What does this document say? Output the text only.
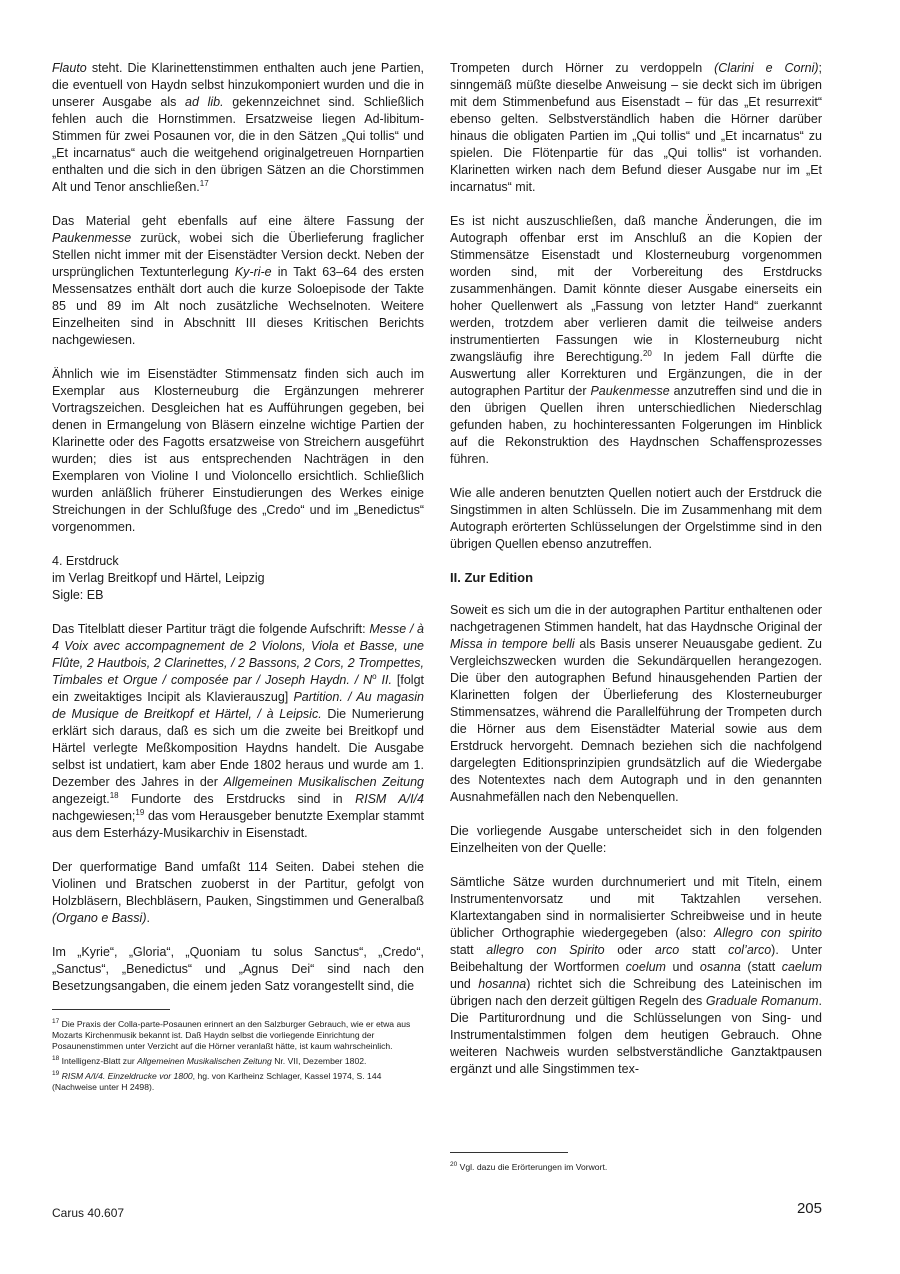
Flauto steht. Die Klarinettenstimmen enthalten auch jene Partien, die eventuell von Haydn selbst hinzukomponiert wurden und die in unserer Ausgabe als ad lib. gekennzeichnet sind. Schließlich fehlen auch die Hornstimmen. Ersatzweise liegen Ad-libitum-Stimmen für zwei Posaunen vor, die in den Sätzen „Qui tollis“ und „Et incarnatus“ auch die weitgehend originalgetreuen Hornpartien enthalten und die sich in den übrigen Sätzen an die Chorstimmen Alt und Tenor anschließen.$^{17}$

Das Material geht ebenfalls auf eine ältere Fassung der Paukenmesse zurück, wobei sich die Überlieferung fraglicher Stellen nicht immer mit der Eisenstädter Version deckt. Neben der ursprünglichen Textunterlegung Ky-ri-e in Takt 63–64 des ersten Messensatzes enthält dort auch die kurze Soloepisode der Takte 85 und 89 im Alt noch zusätzliche Wechselnoten. Weitere Einzelheiten sind in Abschnitt III dieses Kritischen Berichts nachgewiesen.

Ähnlich wie im Eisenstädter Stimmensatz finden sich auch im Exemplar aus Klosterneuburg die Ergänzungen mehrerer Vortragszeichen. Desgleichen hat es Aufführungen gegeben, bei denen in Ermangelung von Bläsern einzelne wichtige Partien der Klarinette oder des Fagotts ersatzweise von Streichern ausgeführt wurden; dies ist aus entsprechenden Nachträgen in den Exemplaren von Violine I und Violoncello ersichtlich. Schließlich wurden anläßlich früherer Einstudierungen des Werkes einige Streichungen in der Schlußfuge des „Credo“ und im „Benedictus“ vorgenommen.

4. Erstdruck
im Verlag Breitkopf und Härtel, Leipzig
Sigle: EB

Das Titelblatt dieser Partitur trägt die folgende Aufschrift: Messe / à 4 Voix avec accompagnement de 2 Violons, Viola et Basse, une Flûte, 2 Hautbois, 2 Clarinettes, / 2 Bassons, 2 Cors, 2 Trompettes, Timbales et Orgue / composée par / Joseph Haydn. / $N^o$ II. [folgt ein zweitaktiges Incipit als Klavierauszug] Partition. / Au magasin de Musique de Breitkopf et Härtel, / à Leipsic. Die Numerierung erklärt sich daraus, daß es sich um die zweite bei Breitkopf und Härtel verlegte Meßkomposition Haydns handelt. Die Ausgabe selbst ist undatiert, kam aber Ende 1802 heraus und wurde am 1. Dezember des Jahres in der Allgemeinen Musikalischen Zeitung angezeigt.$^{18}$ Fundorte des Erstdrucks sind in RISM A/I/4 nachgewiesen;$^{19}$ das vom Herausgeber benutzte Exemplar stammt aus dem Esterházy-Musikarchiv in Eisenstadt.

Der querformatige Band umfaßt 114 Seiten. Dabei stehen die Violinen und Bratschen zuoberst in der Partitur, gefolgt von Holzbläsern, Blechbläsern, Pauken, Singstimmen und Generalbaß (Organo e Bassi).

Im „Kyrie“, „Gloria“, „Quoniam tu solus Sanctus“, „Credo“, „Sanctus“, „Benedictus“ und „Agnus Dei“ sind nach den Besetzungsangaben, die einem jeden Satz vorangestellt sind, die

$^{17}$ Die Praxis der Colla-parte-Posaunen erinnert an den Salzburger Gebrauch, wie er etwa aus Mozarts Kirchenmusik bekannt ist. Daß Haydn selbst die vorliegende Einrichtung der Posaunenstimmen unter Verzicht auf die Hörner veranlaßt hätte, ist kaum wahrscheinlich.
$^{18}$ Intelligenz-Blatt zur Allgemeinen Musikalischen Zeitung Nr. VII, Dezember 1802.
$^{19}$ RISM A/I/4. Einzeldrucke vor 1800, hg. von Karlheinz Schlager, Kassel 1974, S. 144 (Nachweise unter H 2498).

Trompeten durch Hörner zu verdoppeln (Clarini e Corni); sinngemäß müßte dieselbe Anweisung – sie deckt sich im übrigen mit dem Stimmenbefund aus Eisenstadt – für das „Et resurrexit“ ebenso gelten. Selbstverständlich haben die Hörner darüber hinaus die obligaten Partien im „Qui tollis“ und „Et incarnatus“ zu spielen. Die Flötenpartie für das „Qui tollis“ ist vorhanden. Klarinetten wirken nach dem Befund dieser Ausgabe nur im „Et incarnatus“ mit.

Es ist nicht auszuschließen, daß manche Änderungen, die im Autograph offenbar erst im Anschluß an die Kopien der Stimmensätze Eisenstadt und Klosterneuburg vorgenommen worden sind, mit der Vorbereitung des Erstdrucks zusammenhängen. Damit könnte dieser Ausgabe einerseits ein hoher Quellenwert als „Fassung von letzter Hand“ zuerkannt werden, trotzdem aber verlieren damit die teilweise anders instrumentierten Fassungen wie in Klosterneuburg nicht zwangsläufig ihre Berechtigung.$^{20}$ In jedem Fall dürfte die Auswertung aller Korrekturen und Ergänzungen, die in der autographen Partitur der Paukenmesse anzutreffen sind und die in den übrigen Quellen ihren unterschiedlichen Niederschlag gefunden haben, zu hochinteressanten Folgerungen im Hinblick auf die Rekonstruktion des Haydnschen Schaffensprozesses führen.

Wie alle anderen benutzten Quellen notiert auch der Erstdruck die Singstimmen in alten Schlüsseln. Die im Zusammenhang mit dem Autograph erörterten Schlüsselungen der Orgelstimme sind in den übrigen Quellen ebenso anzutreffen.

II. Zur Edition

Soweit es sich um die in der autographen Partitur enthaltenen oder nachgetragenen Stimmen handelt, hat das Haydnsche Original der Missa in tempore belli als Basis unserer Neuausgabe gedient. Zu Vergleichszwecken wurden die Sekundärquellen herangezogen. Die über den autographen Befund hinausgehenden Partien der Klarinetten folgen der Überlieferung des Klosterneuburger Stimmensatzes, während die Parallelführung der Trompeten durch die Hörner aus dem Eisenstädter Material sowie aus dem Erstdruck hervorgeht. Demnach beziehen sich die nachfolgend dargelegten Editionsprinzipien grundsätzlich auf die Wiedergabe des Notentextes nach dem Autograph und in den genannten Ausnahmefällen nach den Nebenquellen.

Die vorliegende Ausgabe unterscheidet sich in den folgenden Einzelheiten von der Quelle:

Sämtliche Sätze wurden durchnumeriert und mit Titeln, einem Instrumentenvorsatz und mit Taktzahlen versehen. Klartextangaben sind in normalisierter Schreibweise und in heute üblicher Orthographie wiedergegeben (also: Allegro con spirito statt allegro con Spirito oder arco statt col’arco). Unter Beibehaltung der Wortformen coelum und osanna (statt caelum und hosanna) richtet sich die Schreibung des Lateinischen im übrigen nach den derzeit gültigen Regeln des Graduale Romanum. Die Partiturordnung und die Schlüsselungen von Sing- und Instrumentalstimmen folgen dem heutigen Gebrauch. Ohne weiteren Nachweis wurden selbstverständliche Ganztaktpausen ergänzt und alle Singstimmen tex-

$^{20}$ Vgl. dazu die Erörterungen im Vorwort.
Carus 40.607	205
